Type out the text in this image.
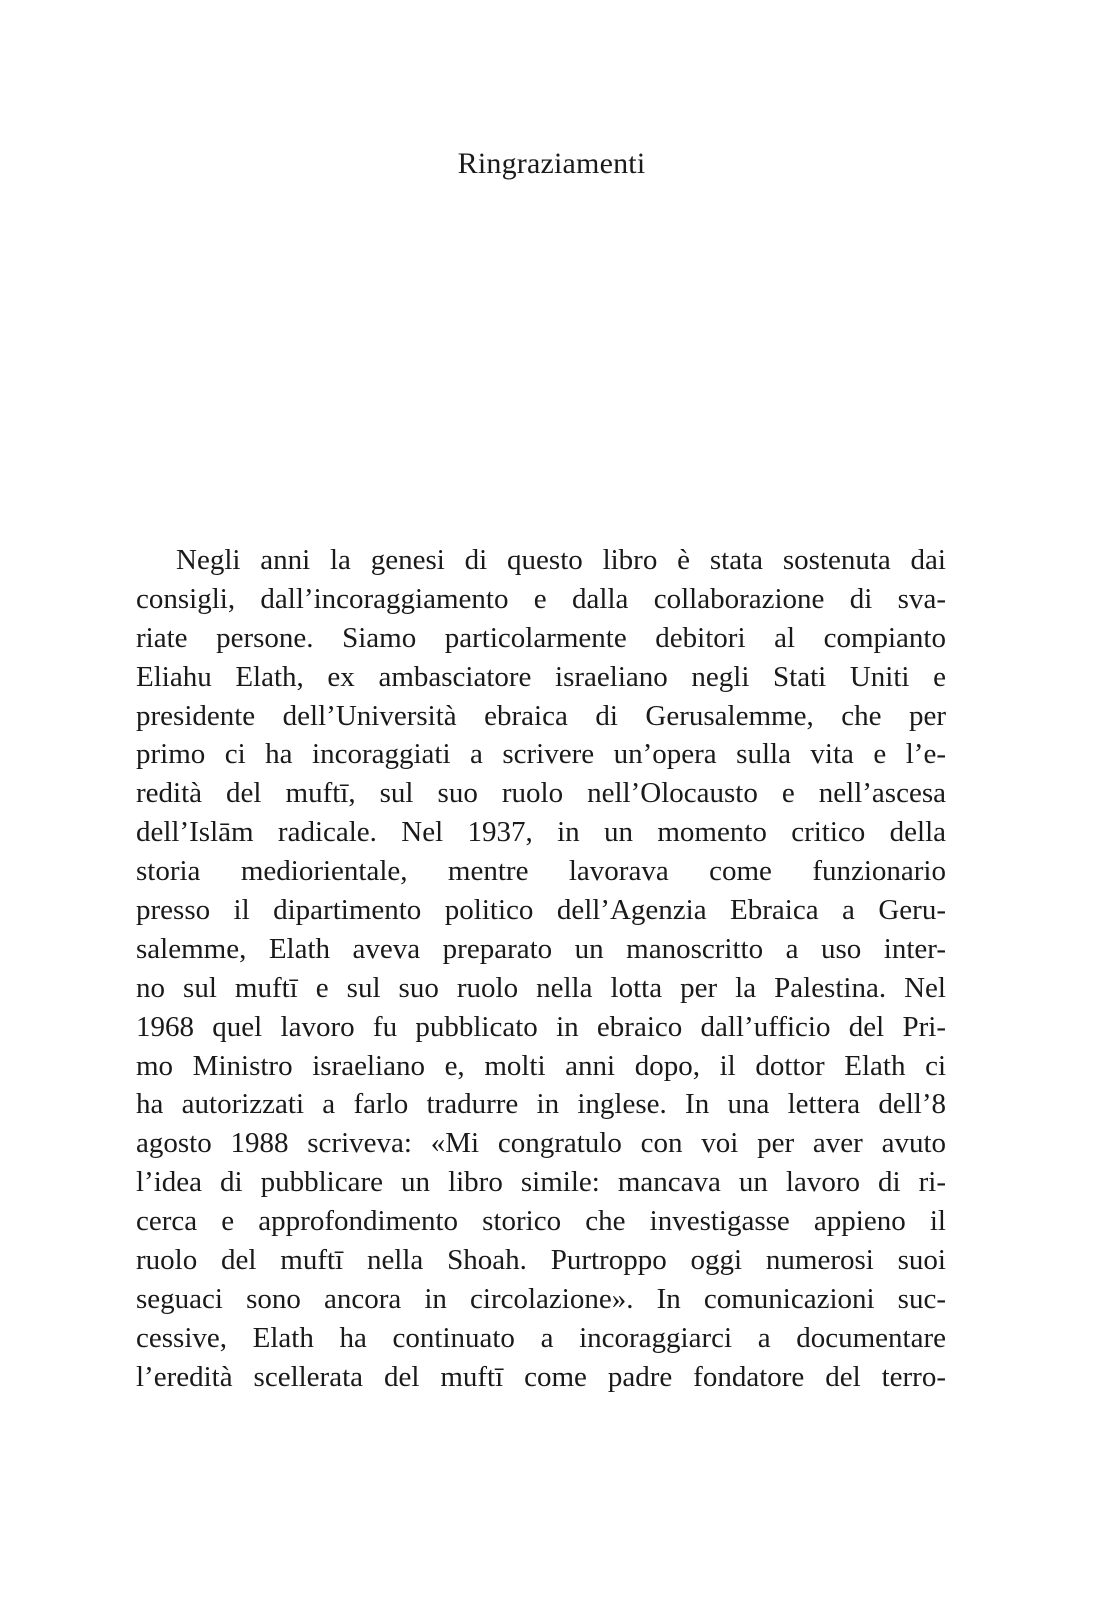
Ringraziamenti
Negli anni la genesi di questo libro è stata sostenuta dai
consigli, dall’incoraggiamento e dalla collaborazione di sva-
riate persone. Siamo particolarmente debitori al compianto
Eliahu Elath, ex ambasciatore israeliano negli Stati Uniti e
presidente dell’Università ebraica di Gerusalemme, che per
primo ci ha incoraggiati a scrivere un’opera sulla vita e l’e-
redità del muftī, sul suo ruolo nell’Olocausto e nell’ascesa
dell’Islām radicale. Nel 1937, in un momento critico della
storia mediorientale, mentre lavorava come funzionario
presso il dipartimento politico dell’Agenzia Ebraica a Geru-
salemme, Elath aveva preparato un manoscritto a uso inter-
no sul muftī e sul suo ruolo nella lotta per la Palestina. Nel
1968 quel lavoro fu pubblicato in ebraico dall’ufficio del Pri-
mo Ministro israeliano e, molti anni dopo, il dottor Elath ci
ha autorizzati a farlo tradurre in inglese. In una lettera dell’8
agosto 1988 scriveva: «Mi congratulo con voi per aver avuto
l’idea di pubblicare un libro simile: mancava un lavoro di ri-
cerca e approfondimento storico che investigasse appieno il
ruolo del muftī nella Shoah. Purtroppo oggi numerosi suoi
seguaci sono ancora in circolazione». In comunicazioni suc-
cessive, Elath ha continuato a incoraggiarci a documentare
l’eredità scellerata del muftī come padre fondatore del terro-
